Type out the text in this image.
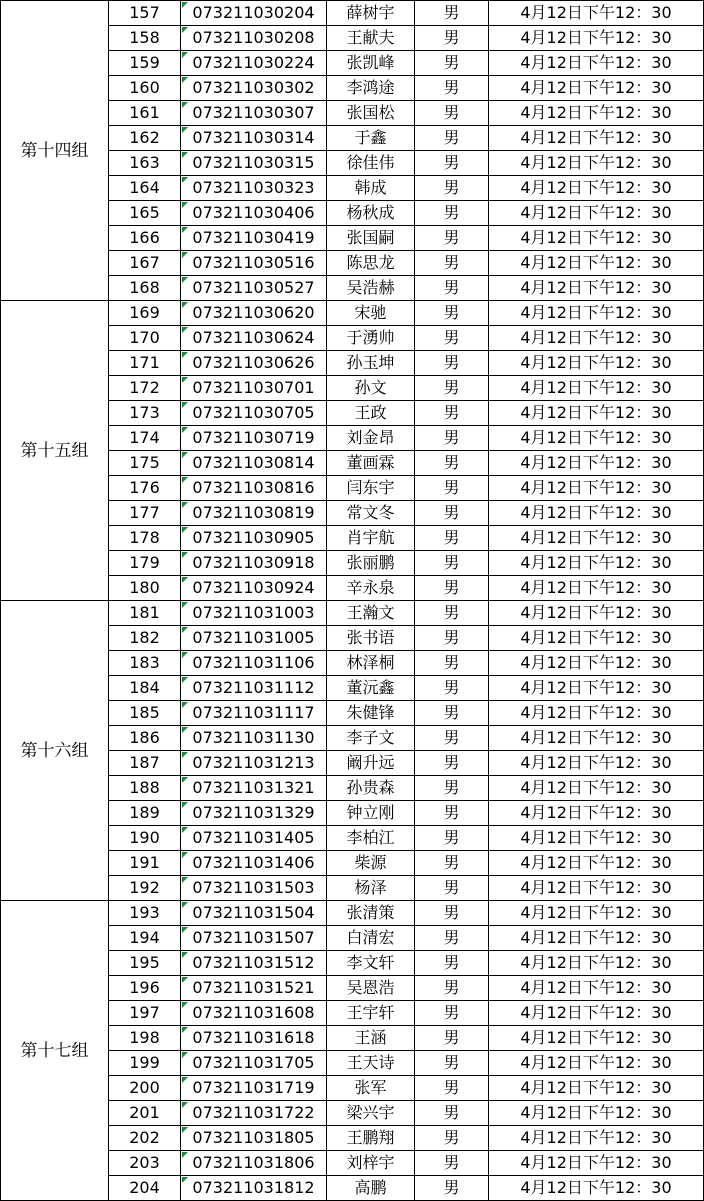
第十四组	157	073211030204	薛树宇	男	4月12日下午12：30
	158	073211030208	王献夫	男	4月12日下午12：30
	159	073211030224	张凯峰	男	4月12日下午12：30
	160	073211030302	李鸿途	男	4月12日下午12：30
	161	073211030307	张国松	男	4月12日下午12：30
	162	073211030314	于鑫	男	4月12日下午12：30
	163	073211030315	徐佳伟	男	4月12日下午12：30
	164	073211030323	韩成	男	4月12日下午12：30
	165	073211030406	杨秋成	男	4月12日下午12：30
	166	073211030419	张国嗣	男	4月12日下午12：30
	167	073211030516	陈思龙	男	4月12日下午12：30
	168	073211030527	吴浩赫	男	4月12日下午12：30
第十五组	169	073211030620	宋驰	男	4月12日下午12：30
	170	073211030624	于湧帅	男	4月12日下午12：30
	171	073211030626	孙玉坤	男	4月12日下午12：30
	172	073211030701	孙文	男	4月12日下午12：30
	173	073211030705	王政	男	4月12日下午12：30
	174	073211030719	刘金昂	男	4月12日下午12：30
	175	073211030814	董画霖	男	4月12日下午12：30
	176	073211030816	闫东宇	男	4月12日下午12：30
	177	073211030819	常文冬	男	4月12日下午12：30
	178	073211030905	肖宇航	男	4月12日下午12：30
	179	073211030918	张丽鹏	男	4月12日下午12：30
	180	073211030924	辛永泉	男	4月12日下午12：30
第十六组	181	073211031003	王瀚文	男	4月12日下午12：30
	182	073211031005	张书语	男	4月12日下午12：30
	183	073211031106	林泽桐	男	4月12日下午12：30
	184	073211031112	董沅鑫	男	4月12日下午12：30
	185	073211031117	朱健锋	男	4月12日下午12：30
	186	073211031130	李子文	男	4月12日下午12：30
	187	073211031213	阚升远	男	4月12日下午12：30
	188	073211031321	孙贵森	男	4月12日下午12：30
	189	073211031329	钟立刚	男	4月12日下午12：30
	190	073211031405	李柏江	男	4月12日下午12：30
	191	073211031406	柴源	男	4月12日下午12：30
	192	073211031503	杨泽	男	4月12日下午12：30
第十七组	193	073211031504	张清策	男	4月12日下午12：30
	194	073211031507	白清宏	男	4月12日下午12：30
	195	073211031512	李文轩	男	4月12日下午12：30
	196	073211031521	吴恩浩	男	4月12日下午12：30
	197	073211031608	王宇轩	男	4月12日下午12：30
	198	073211031618	王涵	男	4月12日下午12：30
	199	073211031705	王天诗	男	4月12日下午12：30
	200	073211031719	张军	男	4月12日下午12：30
	201	073211031722	梁兴宇	男	4月12日下午12：30
	202	073211031805	王鹏翔	男	4月12日下午12：30
	203	073211031806	刘梓宇	男	4月12日下午12：30
	204	073211031812	高鹏	男	4月12日下午12：30
